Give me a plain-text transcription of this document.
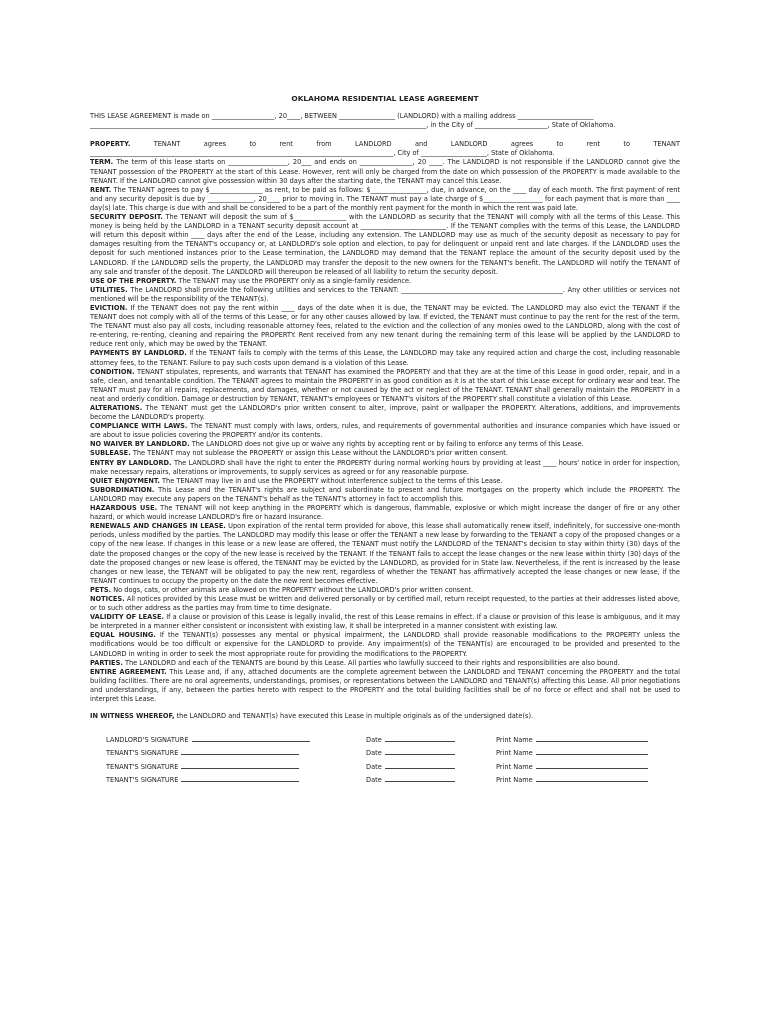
OKLAHOMA RESIDENTIAL LEASE AGREEMENT
THIS LEASE AGREEMENT is made on ___________________, 20____, BETWEEN _________________ (LANDLORD) with a mailing address _______________________ ______________________________________________________________________________________________________, in the City of ______________________, State of Oklahoma.
PROPERTY.	TENANT agrees to rent from LANDLORD and LANDLORD agrees to rent to TENANT ____________________________________________________________________________________________, City of ____________________, State of Oklahoma.
TERM. The term of this lease starts on __________________, 20___ and ends on ________________, 20 ____. The LANDLORD is not responsible if the LANDLORD cannot give the TENANT possession of the PROPERTY at the start of this Lease. However, rent will only be charged from the date on which possession of the PROPERTY is made available to the TENANT. If the LANDLORD cannot give possession within 30 days after the starting date, the TENANT may cancel this Lease.
RENT. The TENANT agrees to pay $________________ as rent, to be paid as follows: $_________________, due, in advance, on the ____ day of each month. The first payment of rent and any security deposit is due by ______________, 20____ prior to moving in. The TENANT must pay a late charge of $__________________ for each payment that is more than ____ day(s) late. This charge is due with and shall be considered to be a part of the monthly rent payment for the month in which the rent was paid late.
SECURITY DEPOSIT. The TENANT will deposit the sum of $________________ with the LANDLORD as security that the TENANT will comply with all the terms of this Lease. This money is being held by the LANDLORD in a TENANT security deposit account at __________________________. If the TENANT complies with the terms of this Lease, the LANDLORD will return this deposit within ____ days after the end of the Lease, including any extension. The LANDLORD may use as much of the security deposit as necessary to pay for damages resulting from the TENANT's occupancy or, at LANDLORD's sole option and election, to pay for delinquent or unpaid rent and late charges. If the LANDLORD uses the deposit for such mentioned instances prior to the Lease termination, the LANDLORD may demand that the TENANT replace the amount of the security deposit used by the LANDLORD. If the LANDLORD sells the property, the LANDLORD may transfer the deposit to the new owners for the TENANT's benefit. The LANDLORD will notify the TENANT of any sale and transfer of the deposit. The LANDLORD will thereupon be released of all liability to return the security deposit.
USE OF THE PROPERTY. The TENANT may use the PROPERTY only as a single-family residence.
UTILITIES. The LANDLORD shall provide the following utilities and services to the TENANT: _________________________________________________. Any other utilities or services not mentioned will be the responsibility of the TENANT(s).
EVICTION. If the TENANT does not pay the rent within ____ days of the date when it is due, the TENANT may be evicted. The LANDLORD may also evict the TENANT if the TENANT does not comply with all of the terms of this Lease, or for any other causes allowed by law. If evicted, the TENANT must continue to pay the rent for the rest of the term. The TENANT must also pay all costs, including reasonable attorney fees, related to the eviction and the collection of any monies owed to the LANDLORD, along with the cost of re-entering, re-renting, cleaning and repairing the PROPERTY. Rent received from any new tenant during the remaining term of this lease will be applied by the LANDLORD to reduce rent only, which may be owed by the TENANT.
PAYMENTS BY LANDLORD. If the TENANT fails to comply with the terms of this Lease, the LANDLORD may take any required action and charge the cost, including reasonable attorney fees, to the TENANT. Failure to pay such costs upon demand is a violation of this Lease.
CONDITION. TENANT stipulates, represents, and warrants that TENANT has examined the PROPERTY and that they are at the time of this Lease in good order, repair, and in a safe, clean, and tenantable condition. The TENANT agrees to maintain the PROPERTY in as good condition as it is at the start of this Lease except for ordinary wear and tear. The TENANT must pay for all repairs, replacements, and damages, whether or not caused by the act or neglect of the TENANT. TENANT shall generally maintain the PROPERTY in a neat and orderly condition. Damage or destruction by TENANT, TENANT's employees or TENANT's visitors of the PROPERTY shall constitute a violation of this Lease.
ALTERATIONS. The TENANT must get the LANDLORD's prior written consent to alter, improve, paint or wallpaper the PROPERTY. Alterations, additions, and improvements become the LANDLORD's property.
COMPLIANCE WITH LAWS. The TENANT must comply with laws, orders, rules, and requirements of governmental authorities and insurance companies which have issued or are about to issue policies covering the PROPERTY and/or its contents.
NO WAIVER BY LANDLORD. The LANDLORD does not give up or waive any rights by accepting rent or by failing to enforce any terms of this Lease.
SUBLEASE. The TENANT may not sublease the PROPERTY or assign this Lease without the LANDLORD's prior written consent.
ENTRY BY LANDLORD. The LANDLORD shall have the right to enter the PROPERTY during normal working hours by providing at least ____ hours' notice in order for inspection, make necessary repairs, alterations or improvements, to supply services as agreed or for any reasonable purpose.
QUIET ENJOYMENT. The TENANT may live in and use the PROPERTY without interference subject to the terms of this Lease.
SUBORDINATION. This Lease and the TENANT's rights are subject and subordinate to present and future mortgages on the property which include the PROPERTY. The LANDLORD may execute any papers on the TENANT's behalf as the TENANT's attorney in fact to accomplish this.
HAZARDOUS USE. The TENANT will not keep anything in the PROPERTY which is dangerous, flammable, explosive or which might increase the danger of fire or any other hazard, or which would increase LANDLORD's fire or hazard insurance.
RENEWALS AND CHANGES IN LEASE. Upon expiration of the rental term provided for above, this lease shall automatically renew itself, indefinitely, for successive one-month periods, unless modified by the parties. The LANDLORD may modify this lease or offer the TENANT a new lease by forwarding to the TENANT a copy of the proposed changes or a copy of the new lease. If changes in this lease or a new lease are offered, the TENANT must notify the LANDLORD of the TENANT's decision to stay within thirty (30) days of the date the proposed changes or the copy of the new lease is received by the TENANT. If the TENANT fails to accept the lease changes or the new lease within thirty (30) days of the date the proposed changes or new lease is offered, the TENANT may be evicted by the LANDLORD, as provided for in State law. Nevertheless, if the rent is increased by the lease changes or new lease, the TENANT will be obligated to pay the new rent, regardless of whether the TENANT has affirmatively accepted the lease changes or new lease, if the TENANT continues to occupy the property on the date the new rent becomes effective.
PETS. No dogs, cats, or other animals are allowed on the PROPERTY without the LANDLORD's prior written consent.
NOTICES. All notices provided by this Lease must be written and delivered personally or by certified mail, return receipt requested, to the parties at their addresses listed above, or to such other address as the parties may from time to time designate.
VALIDITY OF LEASE. If a clause or provision of this Lease is legally invalid, the rest of this Lease remains in effect. If a clause or provision of this lease is ambiguous, and it may be interpreted in a manner either consistent or inconsistent with existing law, it shall be interpreted in a manner consistent with existing law.
EQUAL HOUSING. If the TENANT(s) possesses any mental or physical impairment, the LANDLORD shall provide reasonable modifications to the PROPERTY unless the modifications would be too difficult or expensive for the LANDLORD to provide. Any impairment(s) of the TENANT(s) are encouraged to be provided and presented to the LANDLORD in writing in order to seek the most appropriate route for providing the modifications to the PROPERTY.
PARTIES. The LANDLORD and each of the TENANTS are bound by this Lease. All parties who lawfully succeed to their rights and responsibilities are also bound.
ENTIRE AGREEMENT. This Lease and, if any, attached documents are the complete agreement between the LANDLORD and TENANT concerning the PROPERTY and the total building facilities. There are no oral agreements, understandings, promises, or representations between the LANDLORD and TENANT(s) affecting this Lease. All prior negotiations and understandings, if any, between the parties hereto with respect to the PROPERTY and the total building facilities shall be of no force or effect and shall not be used to interpret this Lease.
IN WITNESS WHEREOF, the LANDLORD and TENANT(s) have executed this Lease in multiple originals as of the undersigned date(s).
LANDLORD'S SIGNATURE	Date	Print Name
TENANT'S SIGNATURE	Date	Print Name
TENANT'S SIGNATURE	Date	Print Name
TENANT'S SIGNATURE	Date	Print Name
